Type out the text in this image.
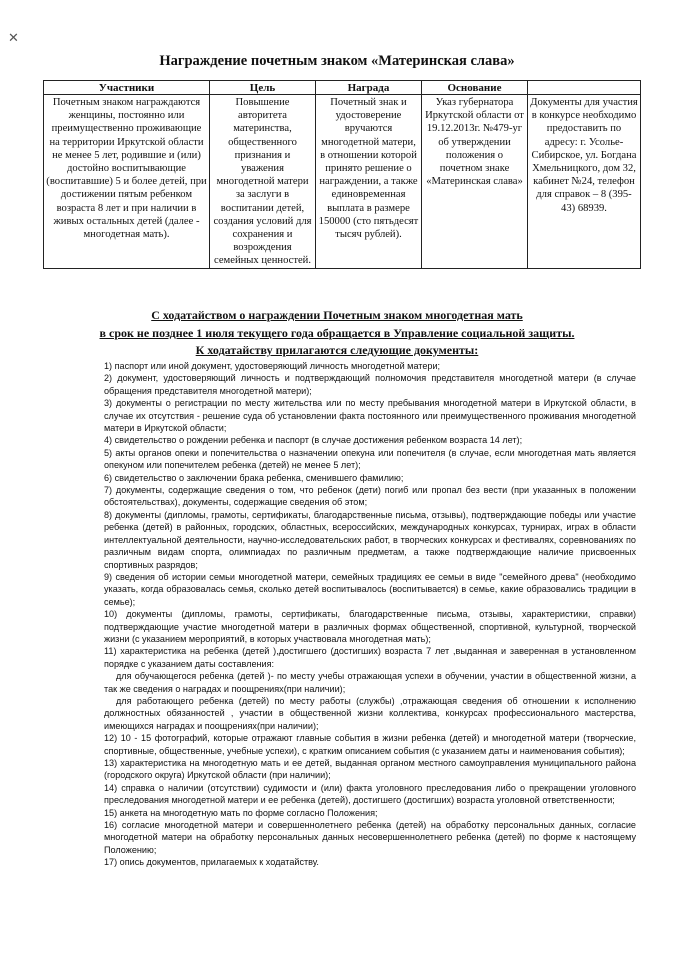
✕
Награждение почетным знаком «Материнская слава»
Участники	Цель	Награда	Основание	
Почетным знаком награждаются женщины, постоянно или преимущественно проживающие на территории Иркутской области не менее 5 лет, родившие и (или) достойно воспитывающие (воспитавшие) 5 и более детей, при достижении пятым ребенком возраста 8 лет и при наличии в живых остальных детей (далее - многодетная мать).	Повышение авторитета материнства, общественного признания и уважения многодетной матери за заслуги в воспитании детей, создания условий для сохранения и возрождения семейных ценностей.	Почетный знак и удостоверение вручаются многодетной матери, в отношении которой принято решение о награждении, а также единовременная выплата в размере 150000 (сто пятьдесят тысяч рублей).	Указ губернатора Иркутской области от 19.12.2013г. №479-уг об утверждении положения о почетном знаке «Материнская слава»	Документы для участия в конкурсе необходимо предоставить по адресу: г. Усолье-Сибирское, ул. Богдана Хмельницкого, дом 32, кабинет №24, телефон для справок – 8 (395-43) 68939.
С ходатайством о награждении Почетным знаком многодетная мать
в срок не позднее 1 июля текущего года обращается в Управление социальной защиты.
К ходатайству прилагаются следующие документы:
1) паспорт или иной документ, удостоверяющий личность многодетной матери;
2) документ, удостоверяющий личность и подтверждающий полномочия представителя многодетной матери (в случае обращения представителя многодетной матери);
3) документы о регистрации по месту жительства или по месту пребывания многодетной матери в Иркутской области, в случае их отсутствия - решение суда об установлении факта постоянного или преимущественного проживания многодетной матери в Иркутской области;
4) свидетельство о рождении ребенка и паспорт (в случае достижения ребенком возраста 14 лет);
5) акты органов опеки и попечительства о назначении опекуна или попечителя (в случае, если многодетная мать является опекуном или попечителем ребенка (детей) не менее 5 лет);
6) свидетельство о заключении брака ребенка, сменившего фамилию;
7) документы, содержащие сведения о том, что ребенок (дети) погиб или пропал без вести (при указанных в положении обстоятельствах), документы, содержащие сведения об этом;
8) документы (дипломы, грамоты, сертификаты, благодарственные письма, отзывы), подтверждающие победы или участие ребенка (детей) в районных, городских, областных, всероссийских, международных конкурсах, турнирах, играх в области интеллектуальной деятельности, научно-исследовательских работ, в творческих конкурсах и фестивалях, соревнованиях по различным видам спорта, олимпиадах по различным предметам, а также подтверждающие наличие присвоенных спортивных разрядов;
9) сведения об истории семьи многодетной матери, семейных традициях ее семьи в виде "семейного древа" (необходимо указать, когда образовалась семья, сколько детей воспитывалось (воспитывается) в семье, какие образовались традиции в семье);
10) документы (дипломы, грамоты, сертификаты, благодарственные письма, отзывы, характеристики, справки) подтверждающие участие многодетной матери в различных формах общественной, спортивной, культурной, творческой жизни (с указанием мероприятий, в которых участвовала многодетная мать);
11) характеристика на ребенка (детей ),достигшего (достигших) возраста 7 лет ,выданная и заверенная в установленном порядке с указанием даты составления:
для обучающегося ребенка (детей )- по месту учебы отражающая успехи в обучении, участии в общественной жизни, а так же сведения о наградах и поощрениях(при наличии);
для работающего ребенка (детей) по месту работы (службы) ,отражающая сведения об отношении к исполнению должностных обязанностей , участии в общественной жизни коллектива, конкурсах профессионального мастерства, имеющихся наградах и поощрениях(при наличии);
12) 10 - 15 фотографий, которые отражают главные события в жизни ребенка (детей) и многодетной матери (творческие, спортивные, общественные, учебные успехи), с кратким описанием события (с указанием даты и наименования события);
13) характеристика на многодетную мать и ее детей, выданная органом местного самоуправления муниципального района (городского округа) Иркутской области (при наличии);
14) справка о наличии (отсутствии) судимости и (или) факта уголовного преследования либо о прекращении уголовного преследования многодетной матери и ее ребенка (детей), достигшего (достигших) возраста уголовной ответственности;
15) анкета на многодетную мать по форме согласно Положения;
16) согласие многодетной матери и совершеннолетнего ребенка (детей) на обработку персональных данных, согласие многодетной матери на обработку персональных данных несовершеннолетнего ребенка (детей) по форме к настоящему Положению;
17) опись документов, прилагаемых к ходатайству.
